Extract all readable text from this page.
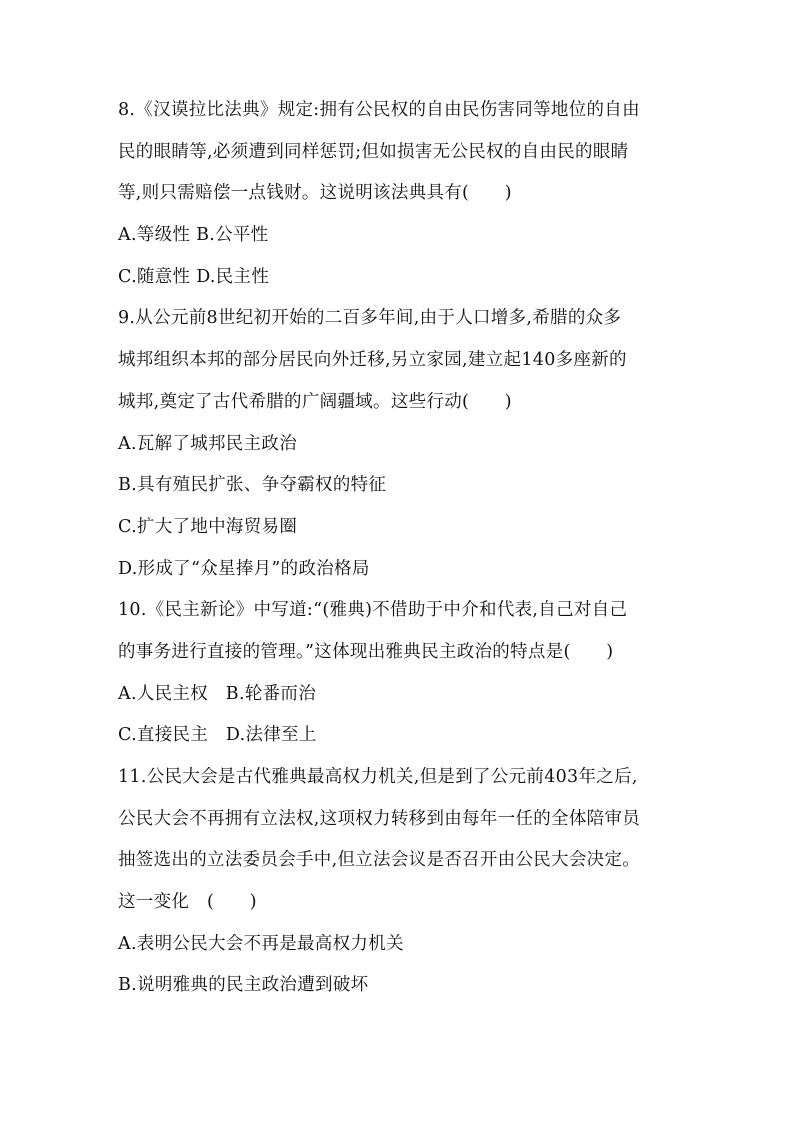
8.《汉谟拉比法典》规定:拥有公民权的自由民伤害同等地位的自由
民的眼睛等,必须遭到同样惩罚;但如损害无公民权的自由民的眼睛
等,则只需赔偿一点钱财。这说明该法典具有(　　)
A.等级性 B.公平性
C.随意性 D.民主性
9.从公元前8世纪初开始的二百多年间,由于人口增多,希腊的众多
城邦组织本邦的部分居民向外迁移,另立家园,建立起140多座新的
城邦,奠定了古代希腊的广阔疆域。这些行动(　　)
A.瓦解了城邦民主政治
B.具有殖民扩张、争夺霸权的特征
C.扩大了地中海贸易圈
D.形成了“众星捧月”的政治格局
10.《民主新论》中写道:“(雅典)不借助于中介和代表,自己对自己
的事务进行直接的管理。”这体现出雅典民主政治的特点是(　　)
A.人民主权　B.轮番而治
C.直接民主　D.法律至上
11.公民大会是古代雅典最高权力机关,但是到了公元前403年之后,
公民大会不再拥有立法权,这项权力转移到由每年一任的全体陪审员
抽签选出的立法委员会手中,但立法会议是否召开由公民大会决定。
这一变化　(　　)
A.表明公民大会不再是最高权力机关
B.说明雅典的民主政治遭到破坏
